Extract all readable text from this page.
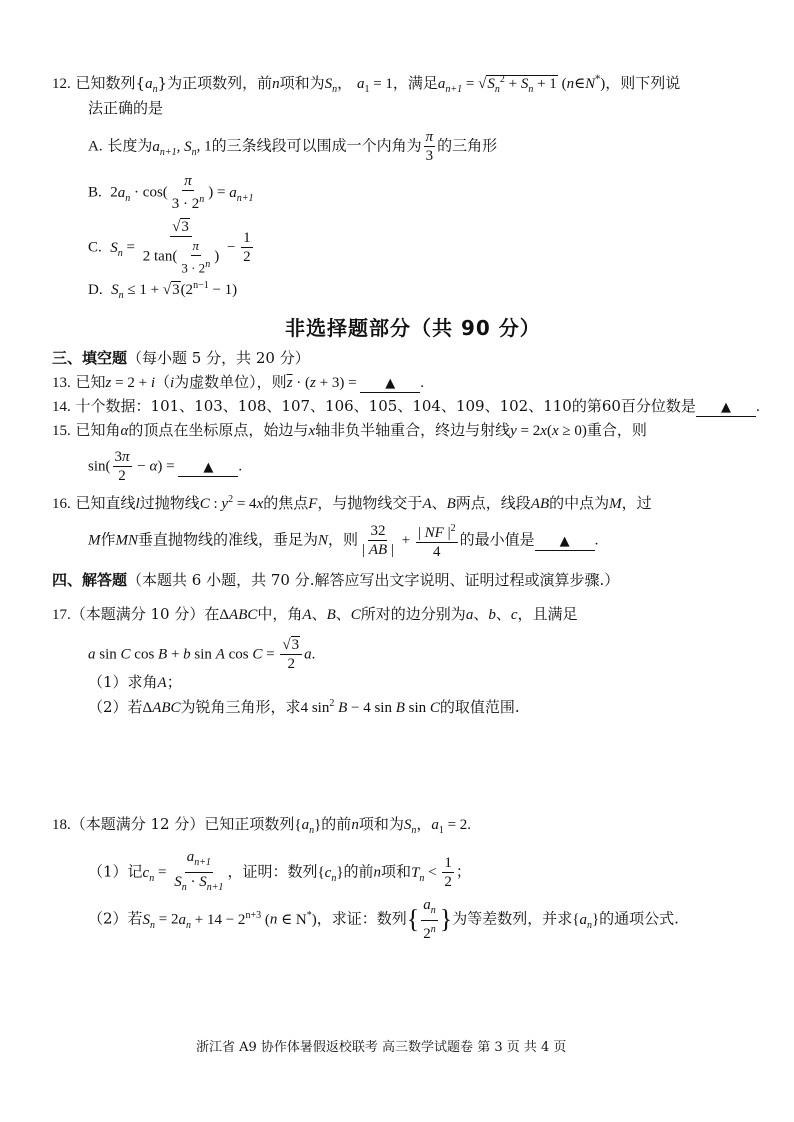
12. 已知数列$\{a_n\}$为正项数列，前n项和为$S_n$， $a_1 = 1$，满足$a_{n+1} = √S_n^2 + S_n + 1$ (n∈N*)，则下列说
法正确的是
A. 长度为$a_{n+1}$, $S_n$, 1的三条线段可以围成一个内角为 $\frac{\pi}{3}$ 的三角形
B.  $2a_n \cdot \cos( \frac{\pi}{3 \cdot 2^n}$ ) = $a_{n+1}$
C.  $S_n = \frac{√3}{2 \tan( \frac{\pi}{3 \cdot 2^n} )} - \frac{1}{2}$
D.  $S_n \le 1 + √3(2^{n-1} - 1)$
非选择题部分（共 90 分）
三、填空题（每小题 5 分，共 20 分）
13. 已知z = 2 + i（i为虚数单位），则$\overline{z} \cdot (z + 3)$ = ▲ .
14. 十个数据：101、103、108、107、106、105、104、109、102、110的第60百分位数是 ▲ .
15. 已知角α的顶点在坐标原点，始边与x轴非负半轴重合，终边与射线y = 2x(x ≥ 0)重合，则
$\sin( \frac{3\pi}{2} - \alpha)$ = ▲ .
16. 已知直线l过抛物线C : $y^2 = 4x$的焦点F，与抛物线交于A、B两点，线段AB的中点为M，过
M作MN垂直抛物线的准线，垂足为N，则 $\frac{32}{| AB |} + \frac{| NF |^2}{4}$ 的最小值是 ▲ .
四、解答题（本题共 6 小题，共 70 分.解答应写出文字说明、证明过程或演算步骤.）
17.（本题满分 10 分）在ΔABC中，角A、B、C所对的边分别为a、b、c，且满足
a sin C cos B + b sin A $\cos C = \frac{√3}{2} a$.
（1）求角A；
（2）若ΔABC为锐角三角形，求4 $\sin^2 B - 4$ sin B sin C的取值范围.
18.（本题满分 12 分）已知正项数列$\{a_n\}$的前n项和为$S_n$，$a_1 = 2$.
（1）记$c_n = \frac{a_{n+1}}{S_n \cdot S_{n+1}}$ ，证明：数列$\{c_n\}$的前n项和$T_n < \frac{1}{2}$ ；
（2）若$S_n = 2a_n + 14 - 2^{n+3}$ (n ∈ N*)，求证：数列{ $\frac{a_n}{2^n}$ }为等差数列，并求$\{a_n\}$的通项公式.
浙江省 A9 协作体暑假返校联考 高三数学试题卷 第 3 页 共 4 页
